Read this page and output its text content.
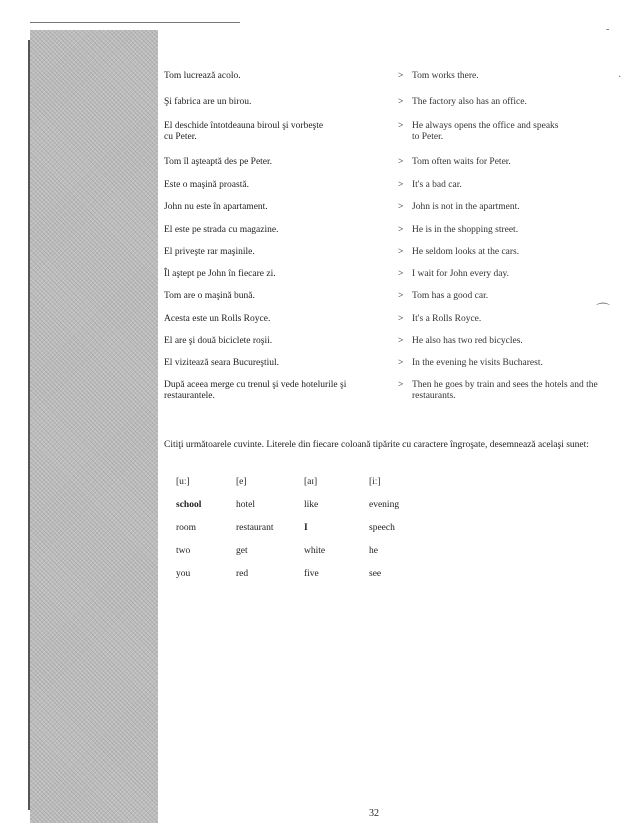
-
·
⌒
Tom lucrează acolo.	> Tom works there.
Şi fabrica are un birou.	> The factory also has an office.
El deschide întotdeauna biroul şi vorbeşte cu Peter.
> He always opens the office and speaks to Peter.
Tom îl aşteaptă des pe Peter.	> Tom often waits for Peter.
Este o maşină proastă.	> It's a bad car.
John nu este în apartament.	> John is not in the apartment.
El este pe strada cu magazine.	> He is in the shopping street.
El priveşte rar maşinile.	> He seldom looks at the cars.
Îl aştept pe John în fiecare zi.	> I wait for John every day.
Tom are o maşină bună.	> Tom has a good car.
Acesta este un Rolls Royce.	> It's a Rolls Royce.
El are şi două biciclete roşii.	> He also has two red bicycles.
El vizitează seara Bucureştiul.	> In the evening he visits Bucharest.
După aceea merge cu trenul şi vede hotelurile şi restaurantele.
> Then he goes by train and sees the hotels and the restaurants.
Citiţi următoarele cuvinte. Literele din fiecare coloană tipărite cu caractere îngroşate, desemnează acelaşi sunet:
[uː]	[e]	[aɪ]	[iː]
school	hotel	like	evening
room	restaurant	I	speech
two	get	white	he
you	red	five	see
32
